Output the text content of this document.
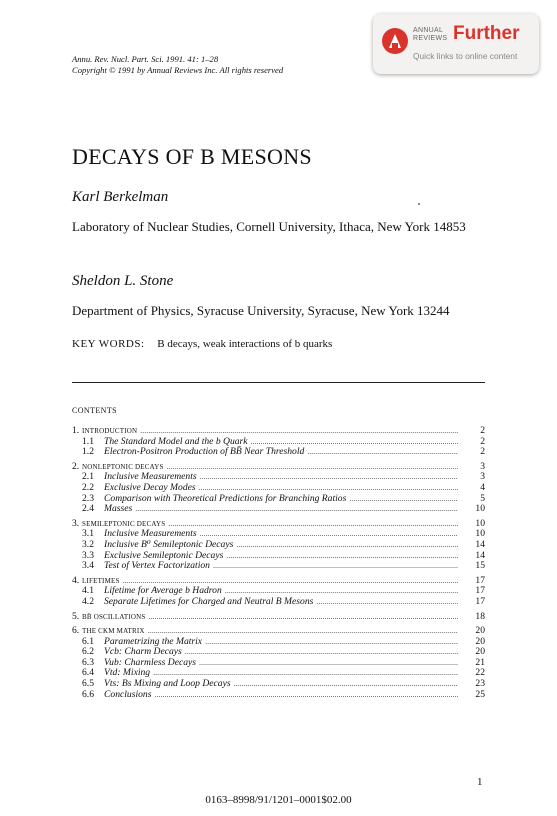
Annu. Rev. Nucl. Part. Sci. 1991. 41: 1–28
Copyright © 1991 by Annual Reviews Inc. All rights reserved
ANNUAL
REVIEWS Further
Quick links to online content
DECAYS OF B MESONS
Karl Berkelman
Laboratory of Nuclear Studies, Cornell University, Ithaca, New York 14853
Sheldon L. Stone
Department of Physics, Syracuse University, Syracuse, New York 13244
KEY WORDS: B decays, weak interactions of b quarks
CONTENTS
1. INTRODUCTION .....	2
1.1	The Standard Model and the b Quark .....	2
1.2	Electron-Positron Production of BB̄ Near Threshold .....	2
2. NONLEPTONIC DECAYS .....	3
2.1	Inclusive Measurements .....	3
2.2	Exclusive Decay Modes .....	4
2.3	Comparison with Theoretical Predictions for Branching Ratios .....	5
2.4	Masses .....	10
3. SEMILEPTONIC DECAYS .....	10
3.1	Inclusive Measurements .....	10
3.2	Inclusive B⁰ Semileptonic Decays .....	14
3.3	Exclusive Semileptonic Decays .....	14
3.4	Test of Vertex Factorization .....	15
4. LIFETIMES .....	17
4.1	Lifetime for Average b Hadron .....	17
4.2	Separate Lifetimes for Charged and Neutral B Mesons .....	17
5. BB̄ OSCILLATIONS .....	18
6. THE CKM MATRIX .....	20
6.1	Parametrizing the Matrix .....	20
6.2	Vcb: Charm Decays .....	20
6.3	Vub: Charmless Decays .....	21
6.4	Vtd: Mixing .....	22
6.5	Vts: Bs Mixing and Loop Decays .....	23
6.6	Conclusions .....	25
1
0163–8998/91/1201–0001$02.00
